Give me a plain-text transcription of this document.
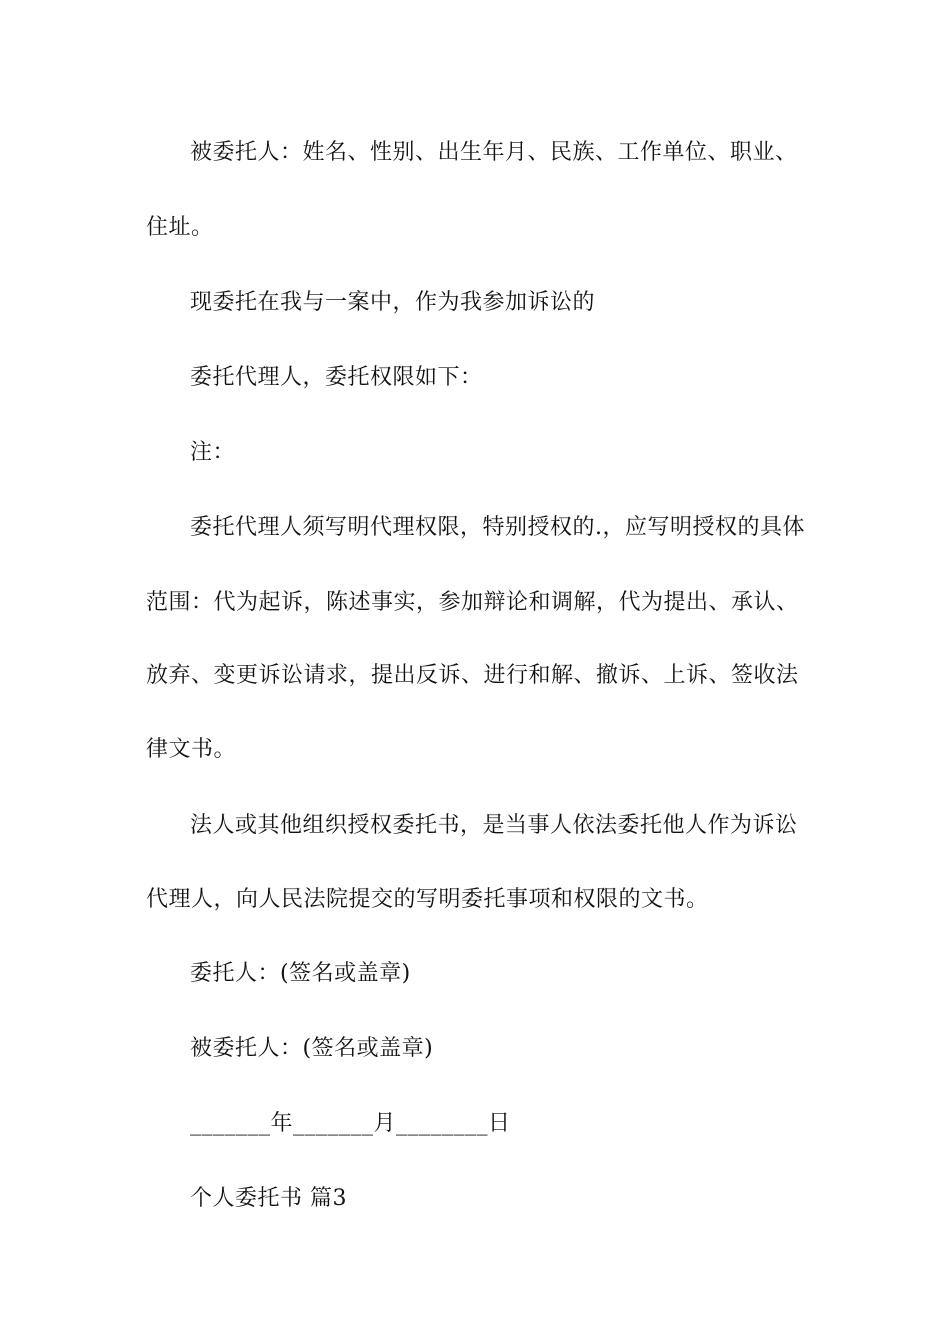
被委托人：姓名、性别、出生年月、民族、工作单位、职业、
住址。
现委托在我与一案中，作为我参加诉讼的
委托代理人，委托权限如下：
注：
委托代理人须写明代理权限，特别授权的.，应写明授权的具体
范围：代为起诉，陈述事实，参加辩论和调解，代为提出、承认、
放弃、变更诉讼请求，提出反诉、进行和解、撤诉、上诉、签收法
律文书。
法人或其他组织授权委托书，是当事人依法委托他人作为诉讼
代理人，向人民法院提交的写明委托事项和权限的文书。
委托人：(签名或盖章)
被委托人：(签名或盖章)
_______年_______月________日
个人委托书 篇3
